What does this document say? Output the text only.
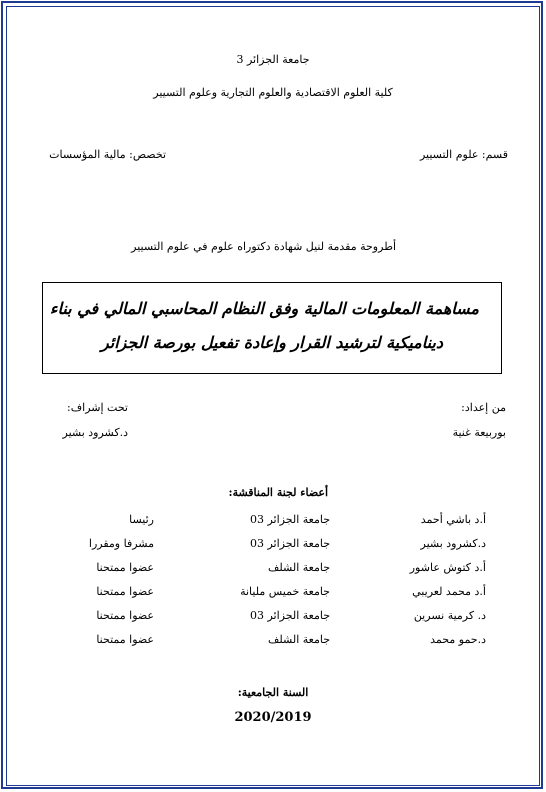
جامعة الجزائر 3
كلية العلوم الاقتصادية والعلوم التجارية وعلوم التسيير
قسم: علوم التسيير
تخصص: مالية المؤسسات
أطروحة مقدمة لنيل شهادة دكتوراه علوم في علوم التسيير
مساهمة المعلومات المالية وفق النظام المحاسبي المالي في بناء
ديناميكية لترشيد القرار وإعادة تفعيل بورصة الجزائر
من إعداد:
بوربيعة غنية
تحت إشراف:
د.كشرود بشير
أعضاء لجنة المناقشة:
أ.د باشي أحمد
جامعة الجزائر 03
رئيسا
د.كشرود بشير
جامعة الجزائر 03
مشرفا ومقررا
أ.د كتوش عاشور
جامعة الشلف
عضوا ممتحنا
أ.د محمد لعريبي
جامعة خميس مليانة
عضوا ممتحنا
د. كرمية نسرين
جامعة الجزائر 03
عضوا ممتحنا
د.حمو محمد
جامعة الشلف
عضوا ممتحنا
السنة الجامعية:
2020/2019
